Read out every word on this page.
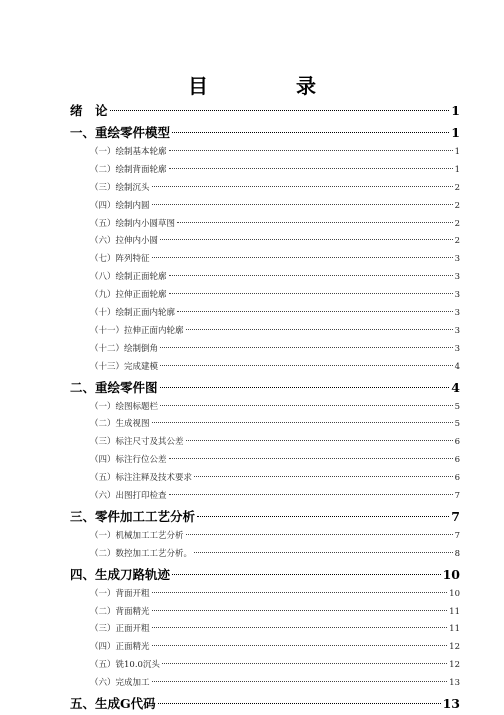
目　录
绪　论	1
一、重绘零件模型	1
（一）绘制基本轮廓	1
（二）绘制背面轮廓	1
（三）绘制沉头	2
（四）绘制内圆	2
（五）绘制内小圆草图	2
（六）拉伸内小圆	2
（七）阵列特征	3
（八）绘制正面轮廓	3
（九）拉伸正面轮廓	3
（十）绘制正面内轮廓	3
（十一）拉伸正面内轮廓	3
（十二）绘制倒角	3
（十三）完成建模	4
二、重绘零件图	4
（一）绘图标题栏	5
（二）生成视图	5
（三）标注尺寸及其公差	6
（四）标注行位公差	6
（五）标注注释及技术要求	6
（六）出图打印检查	7
三、零件加工工艺分析	7
（一）机械加工工艺分析	7
（二）数控加工工艺分析。	8
四、生成刀路轨迹	10
（一）背面开粗	10
（二）背面精光	11
（三）正面开粗	11
（四）正面精光	12
（五）铣10.0沉头	12
（六）完成加工	13
五、生成G代码	13
